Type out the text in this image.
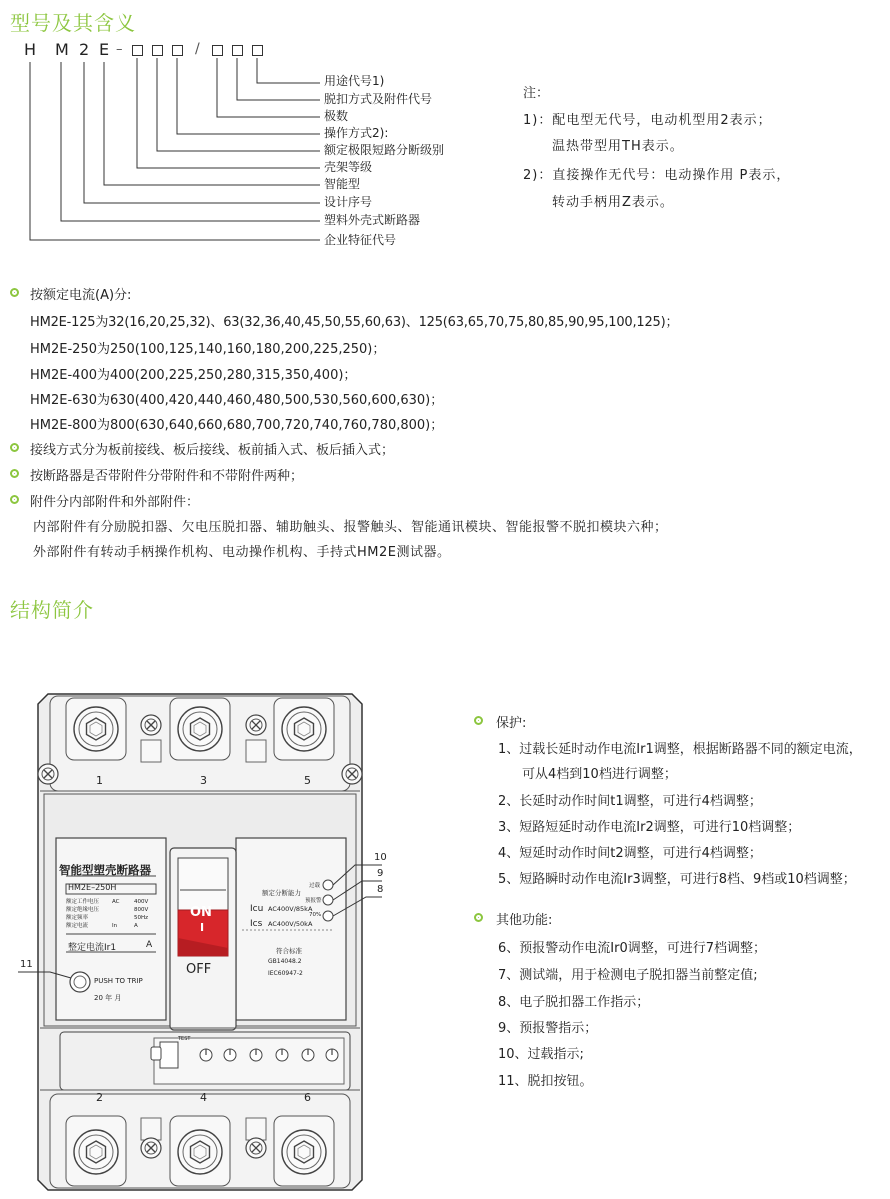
型号及其含义
H M 2 E –	/
用途代号1)
脱扣方式及附件代号
极数
操作方式2):
额定极限短路分断级别
壳架等级
智能型
设计序号
塑料外壳式断路器
企业特征代号
注：
1)：配电型无代号，电动机型用2表示；
温热带型用TH表示。
2)：直接操作无代号：电动操作用 P表示，
转动手柄用Z表示。
按额定电流(A)分:
HM2E-125为32(16,20,25,32)、63(32,36,40,45,50,55,60,63)、125(63,65,70,75,80,85,90,95,100,125)；
HM2E-250为250(100,125,140,160,180,200,225,250)；
HM2E-400为400(200,225,250,280,315,350,400)；
HM2E-630为630(400,420,440,460,480,500,530,560,600,630)；
HM2E-800为800(630,640,660,680,700,720,740,760,780,800)；
接线方式分为板前接线、板后接线、板前插入式、板后插入式；
按断路器是否带附件分带附件和不带附件两种；
附件分内部附件和外部附件：
内部附件有分励脱扣器、欠电压脱扣器、辅助触头、报警触头、智能通讯模块、智能报警不脱扣模块六种；
外部附件有转动手柄操作机构、电动操作机构、手持式HM2E测试器。
结构简介
1	3	5
2	4	6
智能型塑壳断路器
HM2E–250H
额定工作电压	AC	400V
额定绝缘电压	800V
额定频率	50Hz
额定电流	In	A
整定电流Ir1	A
PUSH TO TRIP
20 年 月
ON
I
OFF
额定分断能力
Icu AC400V/85kA
Ics AC400V/50kA
过载
预报警
70%
符合标准
GB14048.2
IEC60947-2
TEST
10
9
8
11
保护:
1、过载长延时动作电流Ir1调整，根据断路器不同的额定电流，
可从4档到10档进行调整；
2、长延时动作时间t1调整，可进行4档调整；
3、短路短延时动作电流Ir2调整，可进行10档调整；
4、短延时动作时间t2调整，可进行4档调整；
5、短路瞬时动作电流Ir3调整，可进行8档、9档或10档调整；
其他功能:
6、预报警动作电流Ir0调整，可进行7档调整；
7、测试端，用于检测电子脱扣器当前整定值;
8、电子脱扣器工作指示；
9、预报警指示；
10、过载指示;
11、脱扣按钮。
